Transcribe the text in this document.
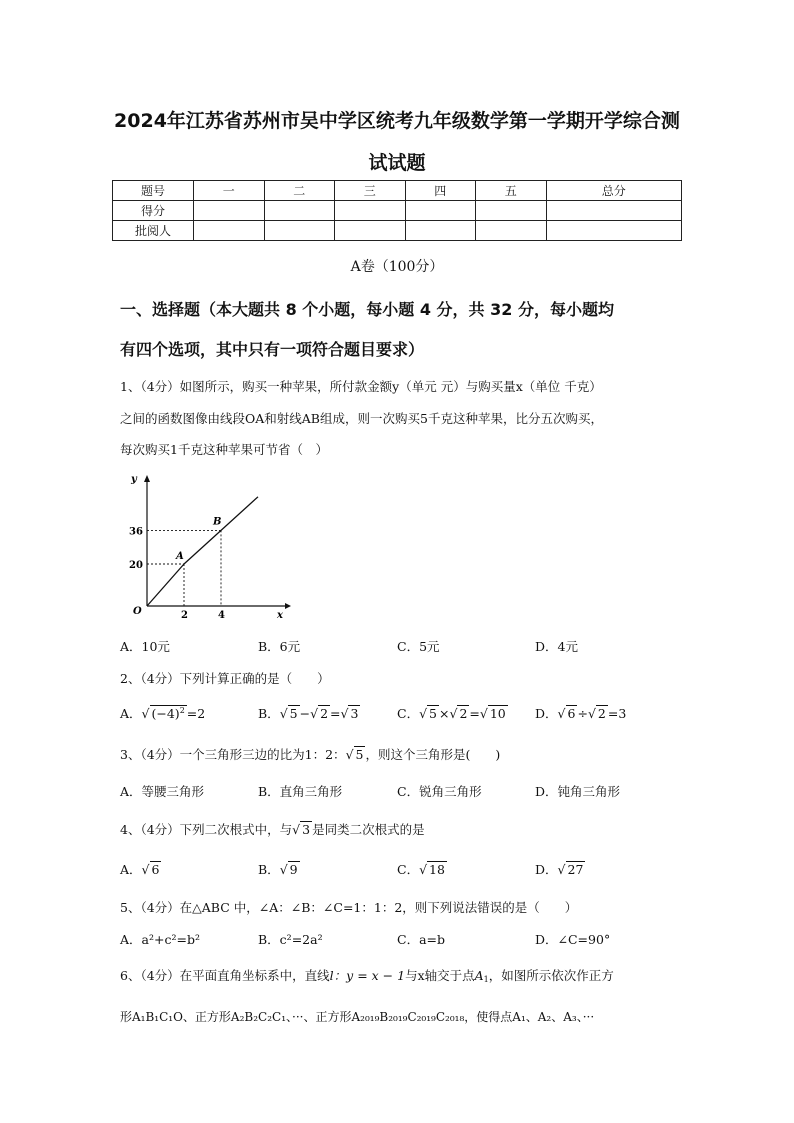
2024年江苏省苏州市吴中学区统考九年级数学第一学期开学综合测
试试题
题号	一	二	三	四	五	总分
得分						
批阅人						
A卷（100分）
一、选择题（本大题共 8 个小题，每小题 4 分，共 32 分，每小题均
有四个选项，其中只有一项符合题目要求）
1、（4分）如图所示，购买一种苹果，所付款金额y（单元 元）与购买量x（单位 千克）
之间的函数图像由线段OA和射线AB组成，则一次购买5千克这种苹果，比分五次购买，
每次购买1千克这种苹果可节省（　）
x
y
O
A
B
36
20
2	4
A．10元	B．6元	C．5元	D．4元
2、（4分）下列计算正确的是（　　）
A．√ $(-4)^2 =2$	B．√ 5 −√ 2 =√ 3	C．√ 5 ×√ 2 =√ 10 D．√ 6 ÷√ 2 =3
3、（4分）一个三角形三边的比为1：2：√ 5 ，则这个三角形是(　　)
A．等腰三角形	B．直角三角形	C．锐角三角形	D．钝角三角形
4、（4分）下列二次根式中，与√ 3 是同类二次根式的是
A．√ 6	B．√ 9	C．√ 18	D．√ 27
5、（4分）在△ABC 中，∠A：∠B：∠C=1：1：2，则下列说法错误的是（　　）
A．a²+c²=b²	B．c²=2a²	C．a=b	D．∠C=90°
6、（4分）在平面直角坐标系中，直线l：y = x − 1与x轴交于点$A_1$，如图所示依次作正方
形A₁B₁C₁O、正方形A₂B₂C₂C₁、···、正方形A₂₀₁₉B₂₀₁₉C₂₀₁₉C₂₀₁₈，使得点A₁、A₂、A₃、···
